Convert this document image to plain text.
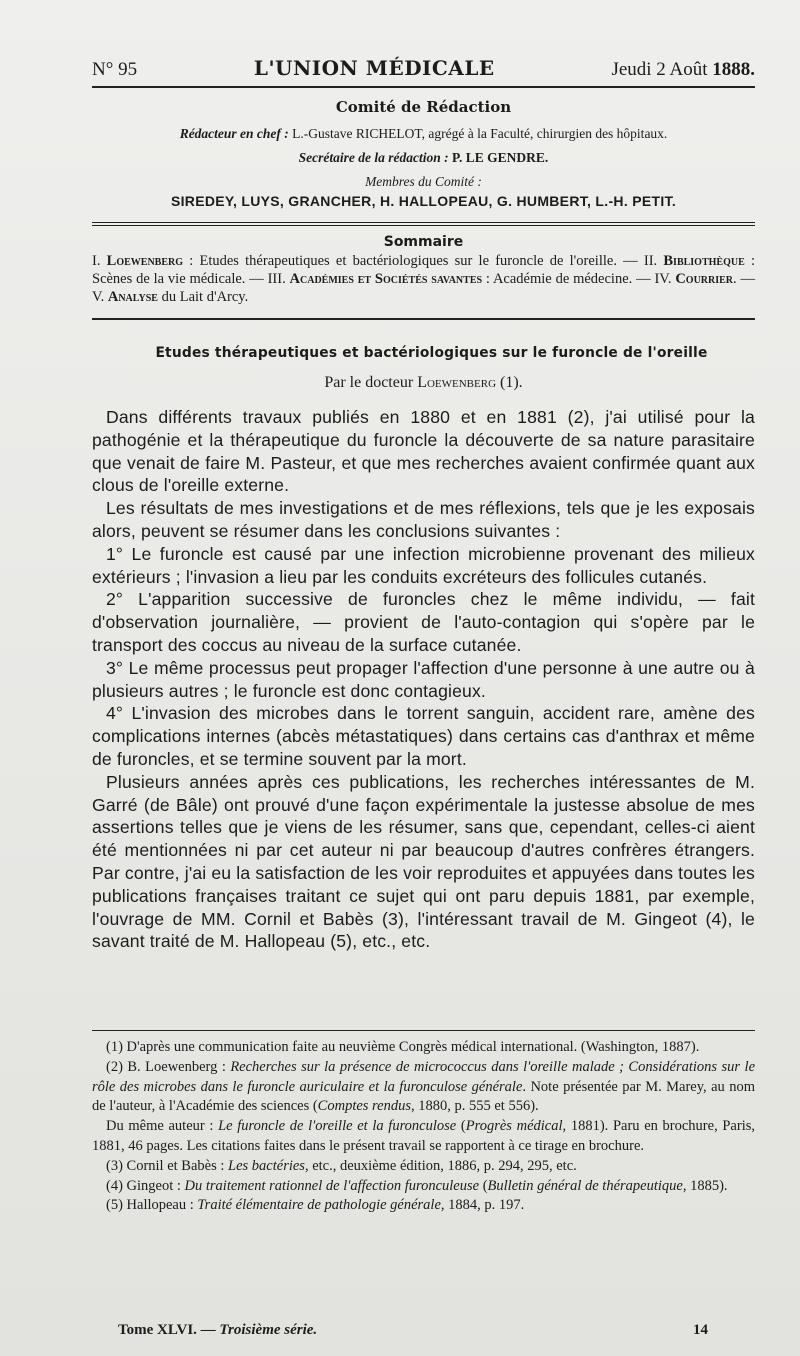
N° 95	L'UNION MÉDICALE	Jeudi 2 Août 1888.
Comité de Rédaction
Rédacteur en chef : L.-Gustave RICHELOT, agrégé à la Faculté, chirurgien des hôpitaux.
Secrétaire de la rédaction : P. LE GENDRE.
Membres du Comité :
SIREDEY, LUYS, GRANCHER, H. HALLOPEAU, G. HUMBERT, L.-H. PETIT.
Sommaire
I. Loewenberg : Etudes thérapeutiques et bactériologiques sur le furoncle de l'oreille. — II. Bibliothèque : Scènes de la vie médicale. — III. Académies et Sociétés savantes : Académie de médecine. — IV. Courrier. — V. Analyse du Lait d'Arcy.
Etudes thérapeutiques et bactériologiques sur le furoncle de l'oreille
Par le docteur Loewenberg (1).

Dans différents travaux publiés en 1880 et en 1881 (2), j'ai utilisé pour la pathogénie et la thérapeutique du furoncle la découverte de sa nature parasitaire que venait de faire M. Pasteur, et que mes recherches avaient confirmée quant aux clous de l'oreille externe.

Les résultats de mes investigations et de mes réflexions, tels que je les exposais alors, peuvent se résumer dans les conclusions suivantes :

1° Le furoncle est causé par une infection microbienne provenant des milieux extérieurs ; l'invasion a lieu par les conduits excréteurs des follicules cutanés.

2° L'apparition successive de furoncles chez le même individu, — fait d'observation journalière, — provient de l'auto-contagion qui s'opère par le transport des coccus au niveau de la surface cutanée.

3° Le même processus peut propager l'affection d'une personne à une autre ou à plusieurs autres ; le furoncle est donc contagieux.

4° L'invasion des microbes dans le torrent sanguin, accident rare, amène des complications internes (abcès métastatiques) dans certains cas d'anthrax et même de furoncles, et se termine souvent par la mort.

Plusieurs années après ces publications, les recherches intéressantes de M. Garré (de Bâle) ont prouvé d'une façon expérimentale la justesse absolue de mes assertions telles que je viens de les résumer, sans que, cependant, celles-ci aient été mentionnées ni par cet auteur ni par beaucoup d'autres confrères étrangers. Par contre, j'ai eu la satisfaction de les voir reproduites et appuyées dans toutes les publications françaises traitant ce sujet qui ont paru depuis 1881, par exemple, l'ouvrage de MM. Cornil et Babès (3), l'intéressant travail de M. Gingeot (4), le savant traité de M. Hallopeau (5), etc., etc.

(1) D'après une communication faite au neuvième Congrès médical international. (Washington, 1887).

(2) B. Loewenberg : Recherches sur la présence de micrococcus dans l'oreille malade ; Considérations sur le rôle des microbes dans le furoncle auriculaire et la furonculose générale. Note présentée par M. Marey, au nom de l'auteur, à l'Académie des sciences (Comptes rendus, 1880, p. 555 et 556).

Du même auteur : Le furoncle de l'oreille et la furonculose (Progrès médical, 1881). Paru en brochure, Paris, 1881, 46 pages. Les citations faites dans le présent travail se rapportent à ce tirage en brochure.

(3) Cornil et Babès : Les bactéries, etc., deuxième édition, 1886, p. 294, 295, etc.

(4) Gingeot : Du traitement rationnel de l'affection furonculeuse (Bulletin général de thérapeutique, 1885).

(5) Hallopeau : Traité élémentaire de pathologie générale, 1884, p. 197.

Tome XLVI. — Troisième série.	14
